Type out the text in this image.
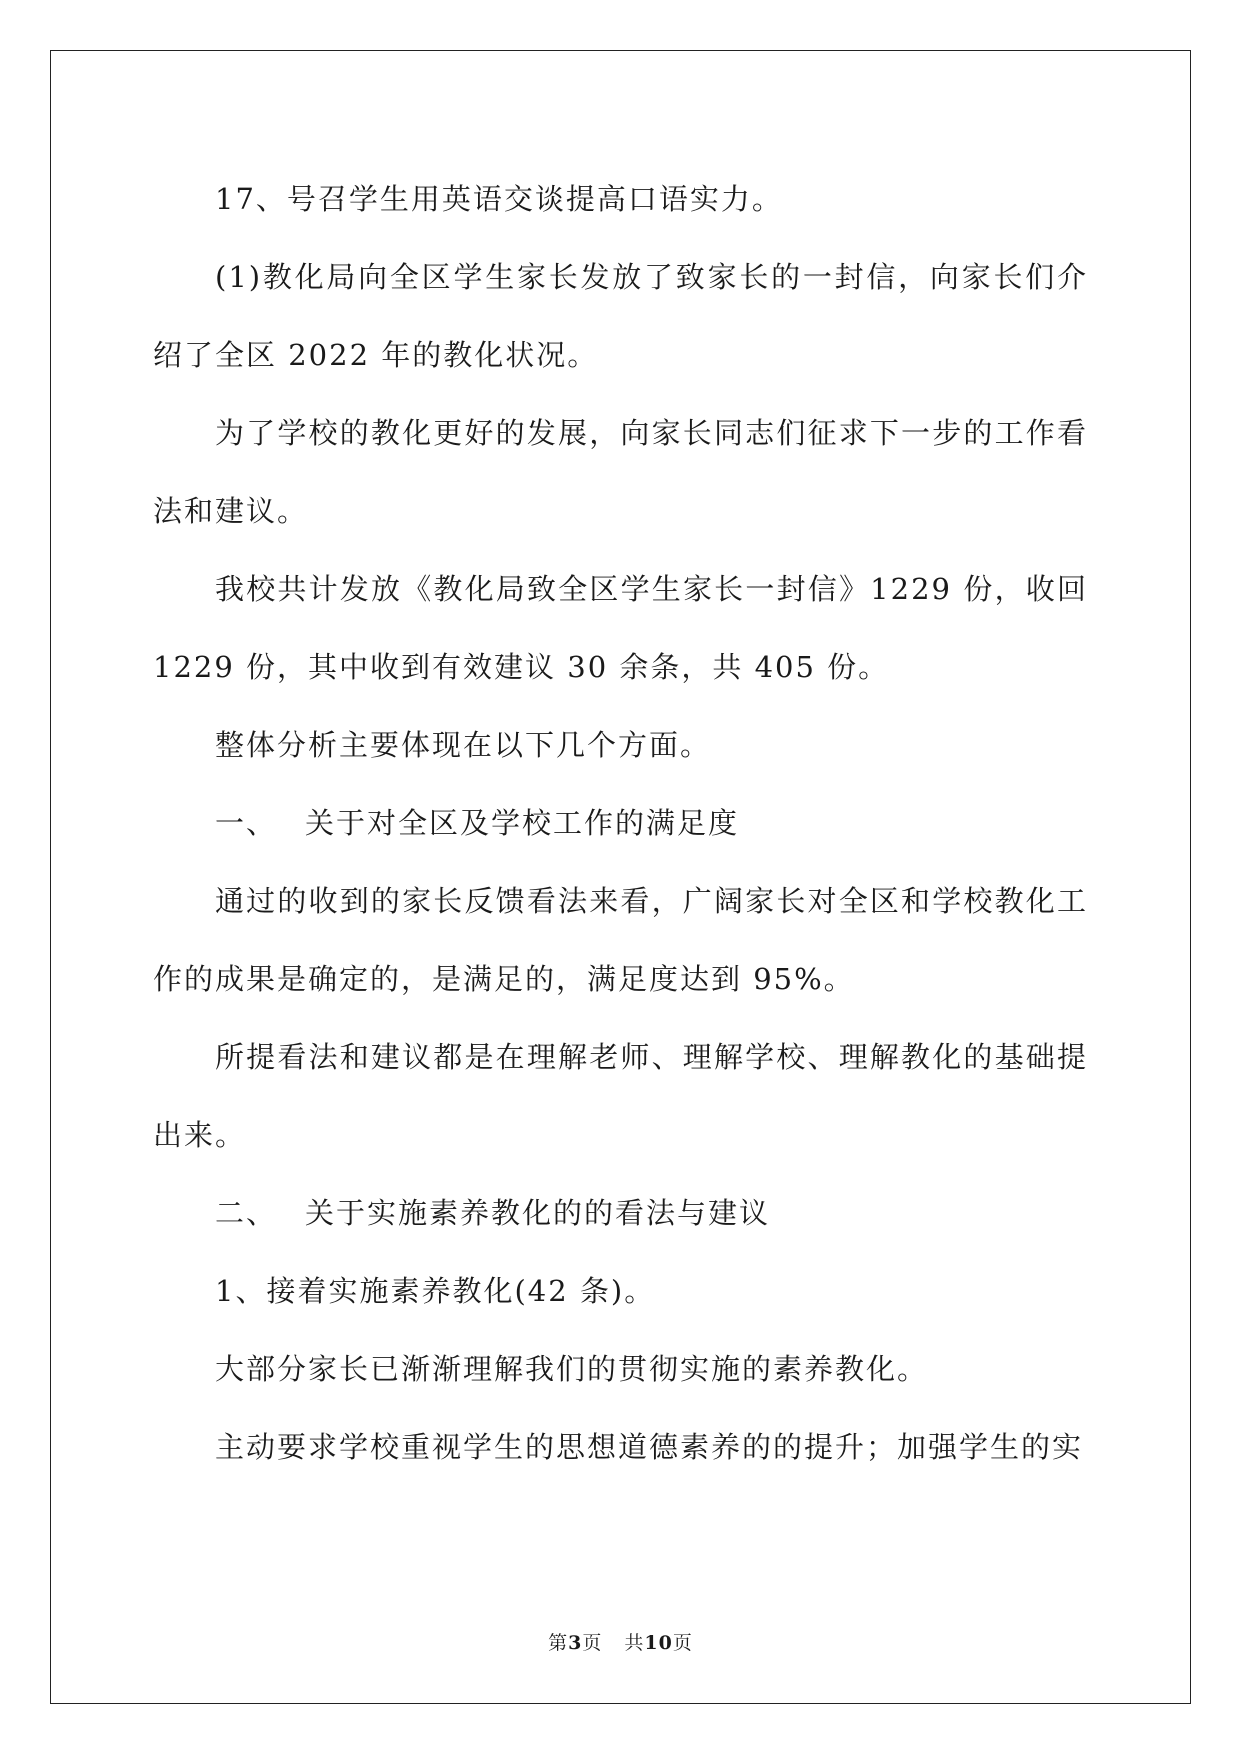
17、号召学生用英语交谈提高口语实力。

(1)教化局向全区学生家长发放了致家长的一封信，向家长们介绍了全区 2022 年的教化状况。

为了学校的教化更好的发展，向家长同志们征求下一步的工作看法和建议。

我校共计发放《教化局致全区学生家长一封信》1229 份，收回 1229 份，其中收到有效建议 30 余条，共 405 份。

整体分析主要体现在以下几个方面。

一、 关于对全区及学校工作的满足度

通过的收到的家长反馈看法来看，广阔家长对全区和学校教化工作的成果是确定的，是满足的，满足度达到 95%。

所提看法和建议都是在理解老师、理解学校、理解教化的基础提出来。

二、 关于实施素养教化的的看法与建议

1、接着实施素养教化(42 条)。

大部分家长已渐渐理解我们的贯彻实施的素养教化。

主动要求学校重视学生的思想道德素养的的提升；加强学生的实

第3页 共10页
